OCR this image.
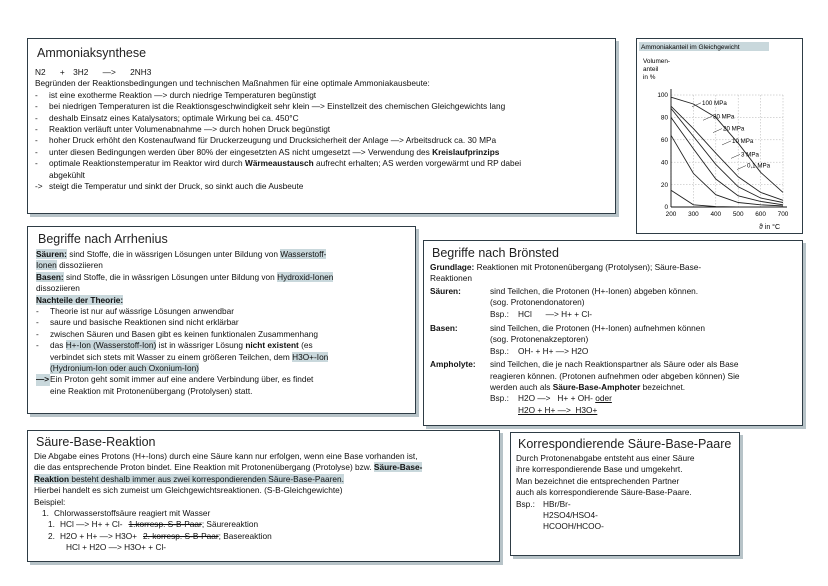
Ammoniaksynthese
N2 + 3H2 —> 2NH3
Begründen der Reaktionsbedingungen und technischen Maßnahmen für eine optimale Ammoniakausbeute:
-	ist eine exotherme Reaktion —> durch niedrige Temperaturen begünstigt
-	bei niedrigen Temperaturen ist die Reaktionsgeschwindigkeit sehr klein —> Einstellzeit des chemischen Gleichgewichts lang
-	deshalb Einsatz eines Katalysators; optimale Wirkung bei ca. 450°C
-	Reaktion verläuft unter Volumenabnahme —> durch hohen Druck begünstigt
-	hoher Druck erhöht den Kostenaufwand für Druckerzeugung und Drucksicherheit der Anlage —> Arbeitsdruck ca. 30 MPa
-	unter diesen Bedingungen werden über 80% der eingesetzten AS nicht umgesetzt —> Verwendung des Kreislaufprinzips
-	optimale Reaktionstemperatur im Reaktor wird durch Wärmeaustausch aufrecht erhalten; AS werden vorgewärmt und RP dabei
abgekühlt
-> steigt die Temperatur und sinkt der Druck, so sinkt auch die Ausbeute
Ammoniakanteil im Gleichgewicht
Volumen-
anteil
in %
200 300 400 500 600 700
0
20
40
60
80
100
100 MPa
30 MPa
20 MPa
10 MPa
3 MPa
0,1 MPa
ϑ in °C
Begriffe nach Arrhenius
Säuren: sind Stoffe, die in wässrigen Lösungen unter Bildung von Wasserstoff-
Ionen dissoziieren
Basen: sind Stoffe, die in wässrigen Lösungen unter Bildung von Hydroxid-Ionen
dissoziieren
Nachteile der Theorie:
-	Theorie ist nur auf wässrige Lösungen anwendbar
-	saure und basische Reaktionen sind nicht erklärbar
-	zwischen Säuren und Basen gibt es keinen funktionalen Zusammenhang
-	das H+-Ion (Wasserstoff-Ion) ist in wässriger Lösung nicht existent (es
verbindet sich stets mit Wasser zu einem größeren Teilchen, dem H3O+-Ion
(Hydronium-Ion oder auch Oxonium-Ion)
—> Ein Proton geht somit immer auf eine andere Verbindung über, es findet
eine Reaktion mit Protonenübergang (Protolysen) statt.
Begriffe nach Brönsted
Grundlage: Reaktionen mit Protonenübergang (Protolysen); Säure-Base-
Reaktionen
Säuren:	sind Teilchen, die Protonen (H+-Ionen) abgeben können.
(sog. Protonendonatoren)
Bsp.:	HCl      —> H+ + Cl-
Basen:	sind Teilchen, die Protonen (H+-Ionen) aufnehmen können
(sog. Protonenakzeptoren)
Bsp.:	OH- + H+ —> H2O
Ampholyte:	sind Teilchen, die je nach Reaktionspartner als Säure oder als Base
reagieren können. (Protonen aufnehmen oder abgeben können) Sie
werden auch als Säure-Base-Amphoter bezeichnet.
Bsp.:	H2O —>   H+ + OH- oder
H2O + H+ —>  H3O+
Säure-Base-Reaktion
Die Abgabe eines Protons (H+-Ions) durch eine Säure kann nur erfolgen, wenn eine Base vorhanden ist,
die das entsprechende Proton bindet. Eine Reaktion mit Protonenübergang (Protolyse) bzw. Säure-Base-
Reaktion besteht deshalb immer aus zwei korrespondierenden Säure-Base-Paaren.
Hierbei handelt es sich zumeist um Gleichgewichtsreaktionen. (S-B-Gleichgewichte)
Beispiel:
1. Chlorwasserstoffsäure reagiert mit Wasser
1. HCl —> H+ + Cl- 1.korresp. S-B-Paar ; Säurereaktion
2. H2O + H+ —> H3O+ 2. korresp. S-B-Paar ; Basereaktion
HCl + H2O —> H3O+ + Cl-
Korrespondierende Säure-Base-Paare
Durch Protonenabgabe entsteht aus einer Säure
ihre korrespondierende Base und umgekehrt.
Man bezeichnet die entsprechenden Partner
auch als korrespondierende Säure-Base-Paare.
Bsp.: HBr/Br-
H2SO4/HSO4-
HCOOH/HCOO-
